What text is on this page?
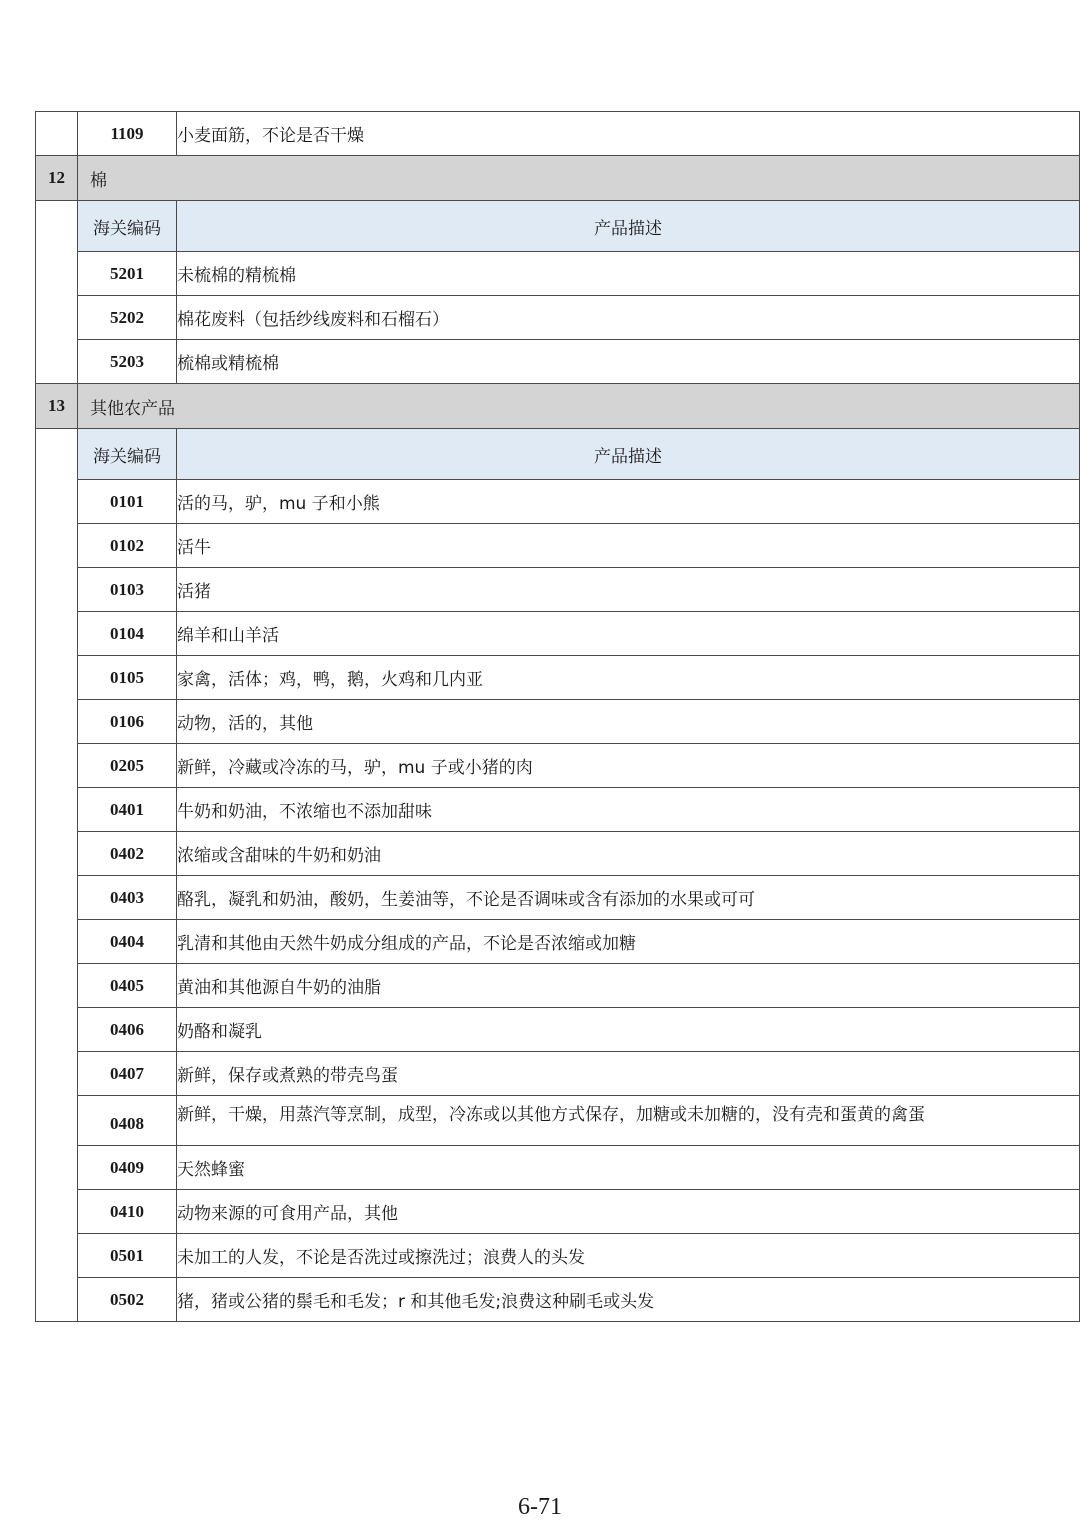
	1109	小麦面筋，不论是否干燥
12	棉	
	海关编码	产品描述
	5201	未梳棉的精梳棉
	5202	棉花废料（包括纱线废料和石榴石）
	5203	梳棉或精梳棉
13	其他农产品	
	海关编码	产品描述
	0101	活的马，驴，mu 子和小熊
	0102	活牛
	0103	活猪
	0104	绵羊和山羊活
	0105	家禽，活体；鸡，鸭，鹅，火鸡和几内亚
	0106	动物，活的，其他
	0205	新鲜，冷藏或冷冻的马，驴，mu 子或小猪的肉
	0401	牛奶和奶油，不浓缩也不添加甜味
	0402	浓缩或含甜味的牛奶和奶油
	0403	酪乳，凝乳和奶油，酸奶，生姜油等，不论是否调味或含有添加的水果或可可
	0404	乳清和其他由天然牛奶成分组成的产品，不论是否浓缩或加糖
	0405	黄油和其他源自牛奶的油脂
	0406	奶酪和凝乳
	0407	新鲜，保存或煮熟的带壳鸟蛋
	0408	新鲜，干燥，用蒸汽等烹制，成型，冷冻或以其他方式保存，加糖或未加糖的，没有壳和蛋黄的禽蛋
	0409	天然蜂蜜
	0410	动物来源的可食用产品，其他
	0501	未加工的人发，不论是否洗过或擦洗过；浪费人的头发
	0502	猪，猪或公猪的鬃毛和毛发；r 和其他毛发;浪费这种刷毛或头发
6-71
